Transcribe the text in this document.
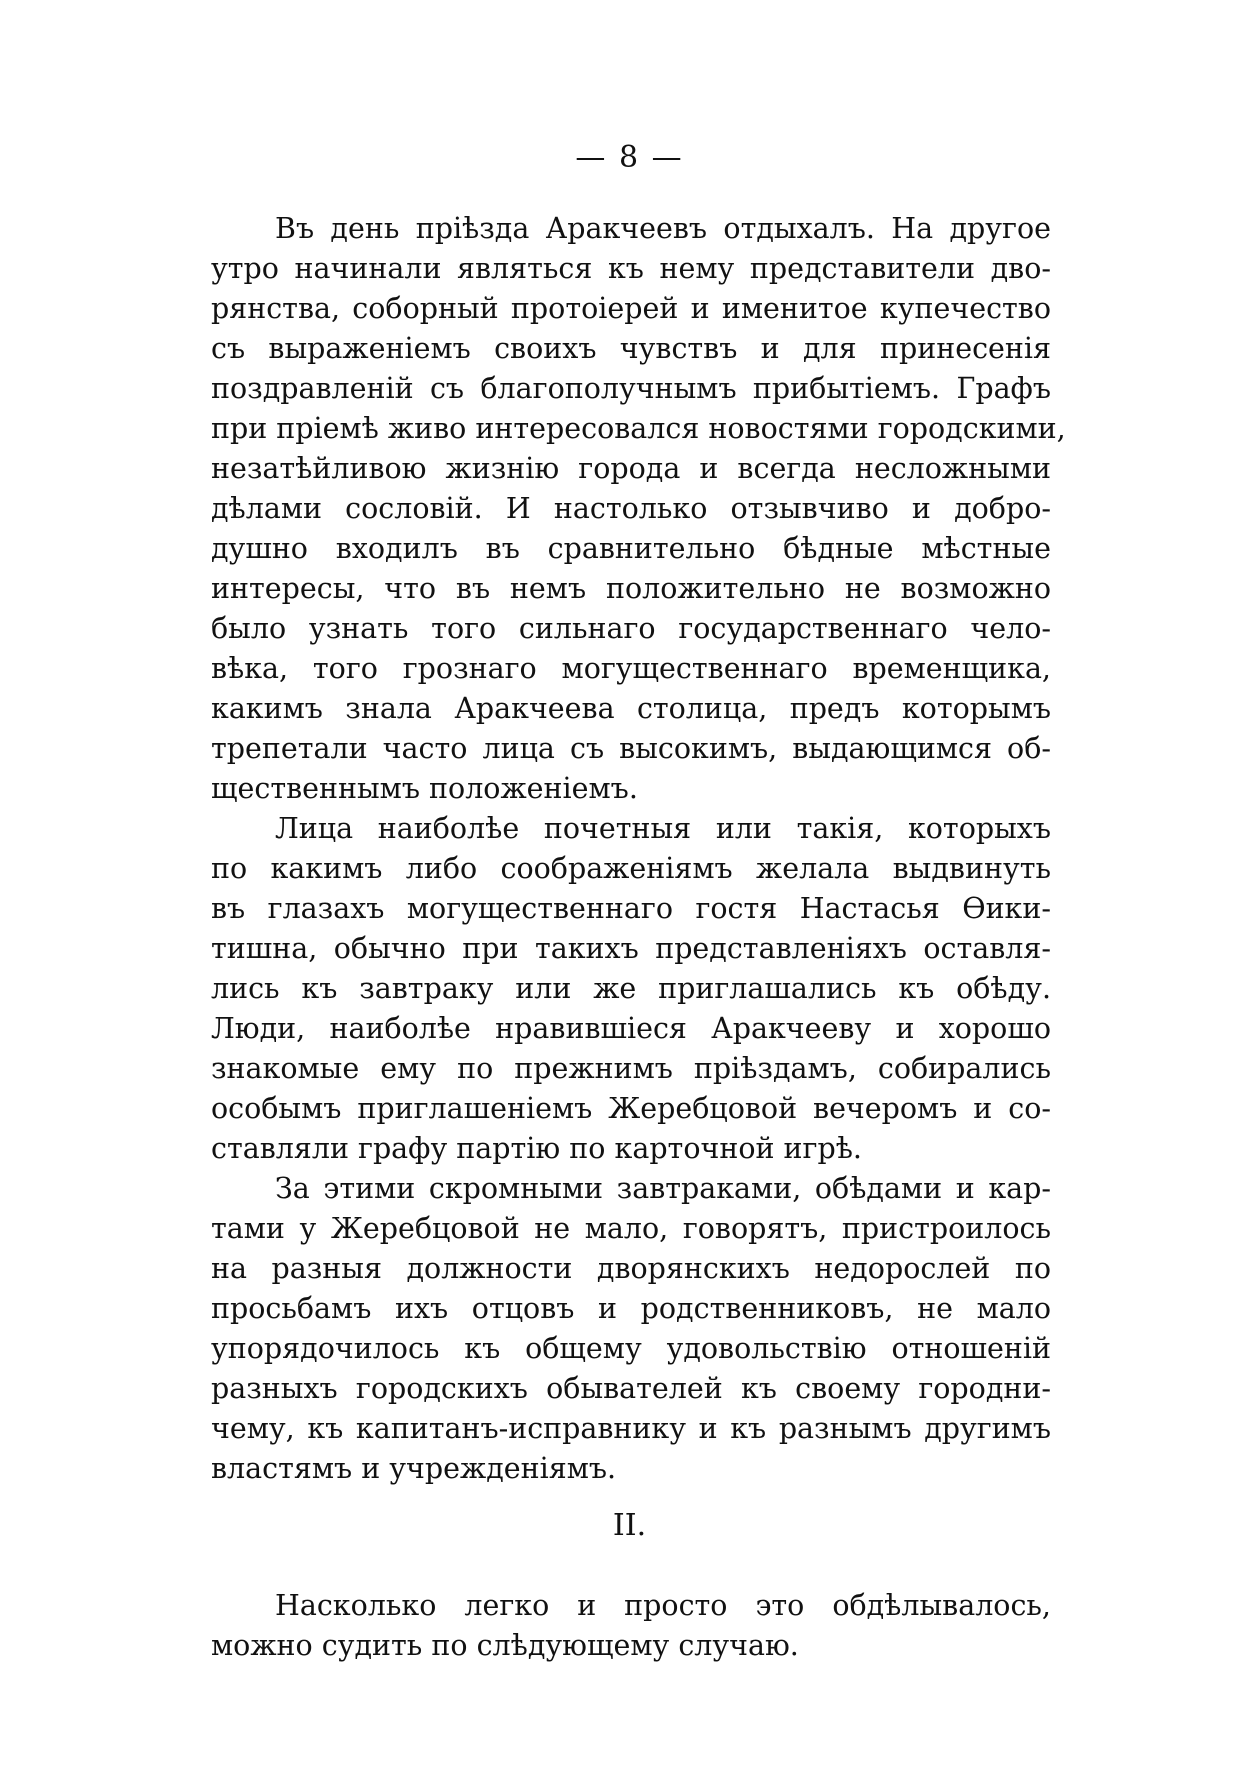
— 8 —
Въ день пріѣзда Аракчеевъ отдыхалъ. На другое
утро начинали являться къ нему представители дво-
рянства, соборный протоіерей и именитое купечество
съ выраженіемъ своихъ чувствъ и для принесенія
поздравленій съ благополучнымъ прибытіемъ. Графъ
при пріемѣ живо интересовался новостями городскими,
незатѣйливою жизнію города и всегда несложными
дѣлами сословій. И настолько отзывчиво и добро-
душно входилъ въ сравнительно бѣдные мѣстные
интересы, что въ немъ положительно не возможно
было узнать того сильнаго государственнаго чело-
вѣка, того грознаго могущественнаго временщика,
какимъ знала Аракчеева столица, предъ которымъ
трепетали часто лица съ высокимъ, выдающимся об-
щественнымъ положеніемъ.
Лица наиболѣе почетныя или такія, которыхъ
по какимъ либо соображеніямъ желала выдвинуть
въ глазахъ могущественнаго гостя Настасья Ѳики-
тишна, обычно при такихъ представленіяхъ оставля-
лись къ завтраку или же приглашались къ обѣду.
Люди, наиболѣе нравившіеся Аракчееву и хорошо
знакомые ему по прежнимъ пріѣздамъ, собирались
особымъ приглашеніемъ Жеребцовой вечеромъ и со-
ставляли графу партію по карточной игрѣ.
За этими скромными завтраками, обѣдами и кар-
тами у Жеребцовой не мало, говорятъ, пристроилось
на разныя должности дворянскихъ недорослей по
просьбамъ ихъ отцовъ и родственниковъ, не мало
упорядочилось къ общему удовольствію отношеній
разныхъ городскихъ обывателей къ своему городни-
чему, къ капитанъ-исправнику и къ разнымъ другимъ
властямъ и учрежденіямъ.
II.
Насколько легко и просто это обдѣлывалось,
можно судить по слѣдующему случаю.
